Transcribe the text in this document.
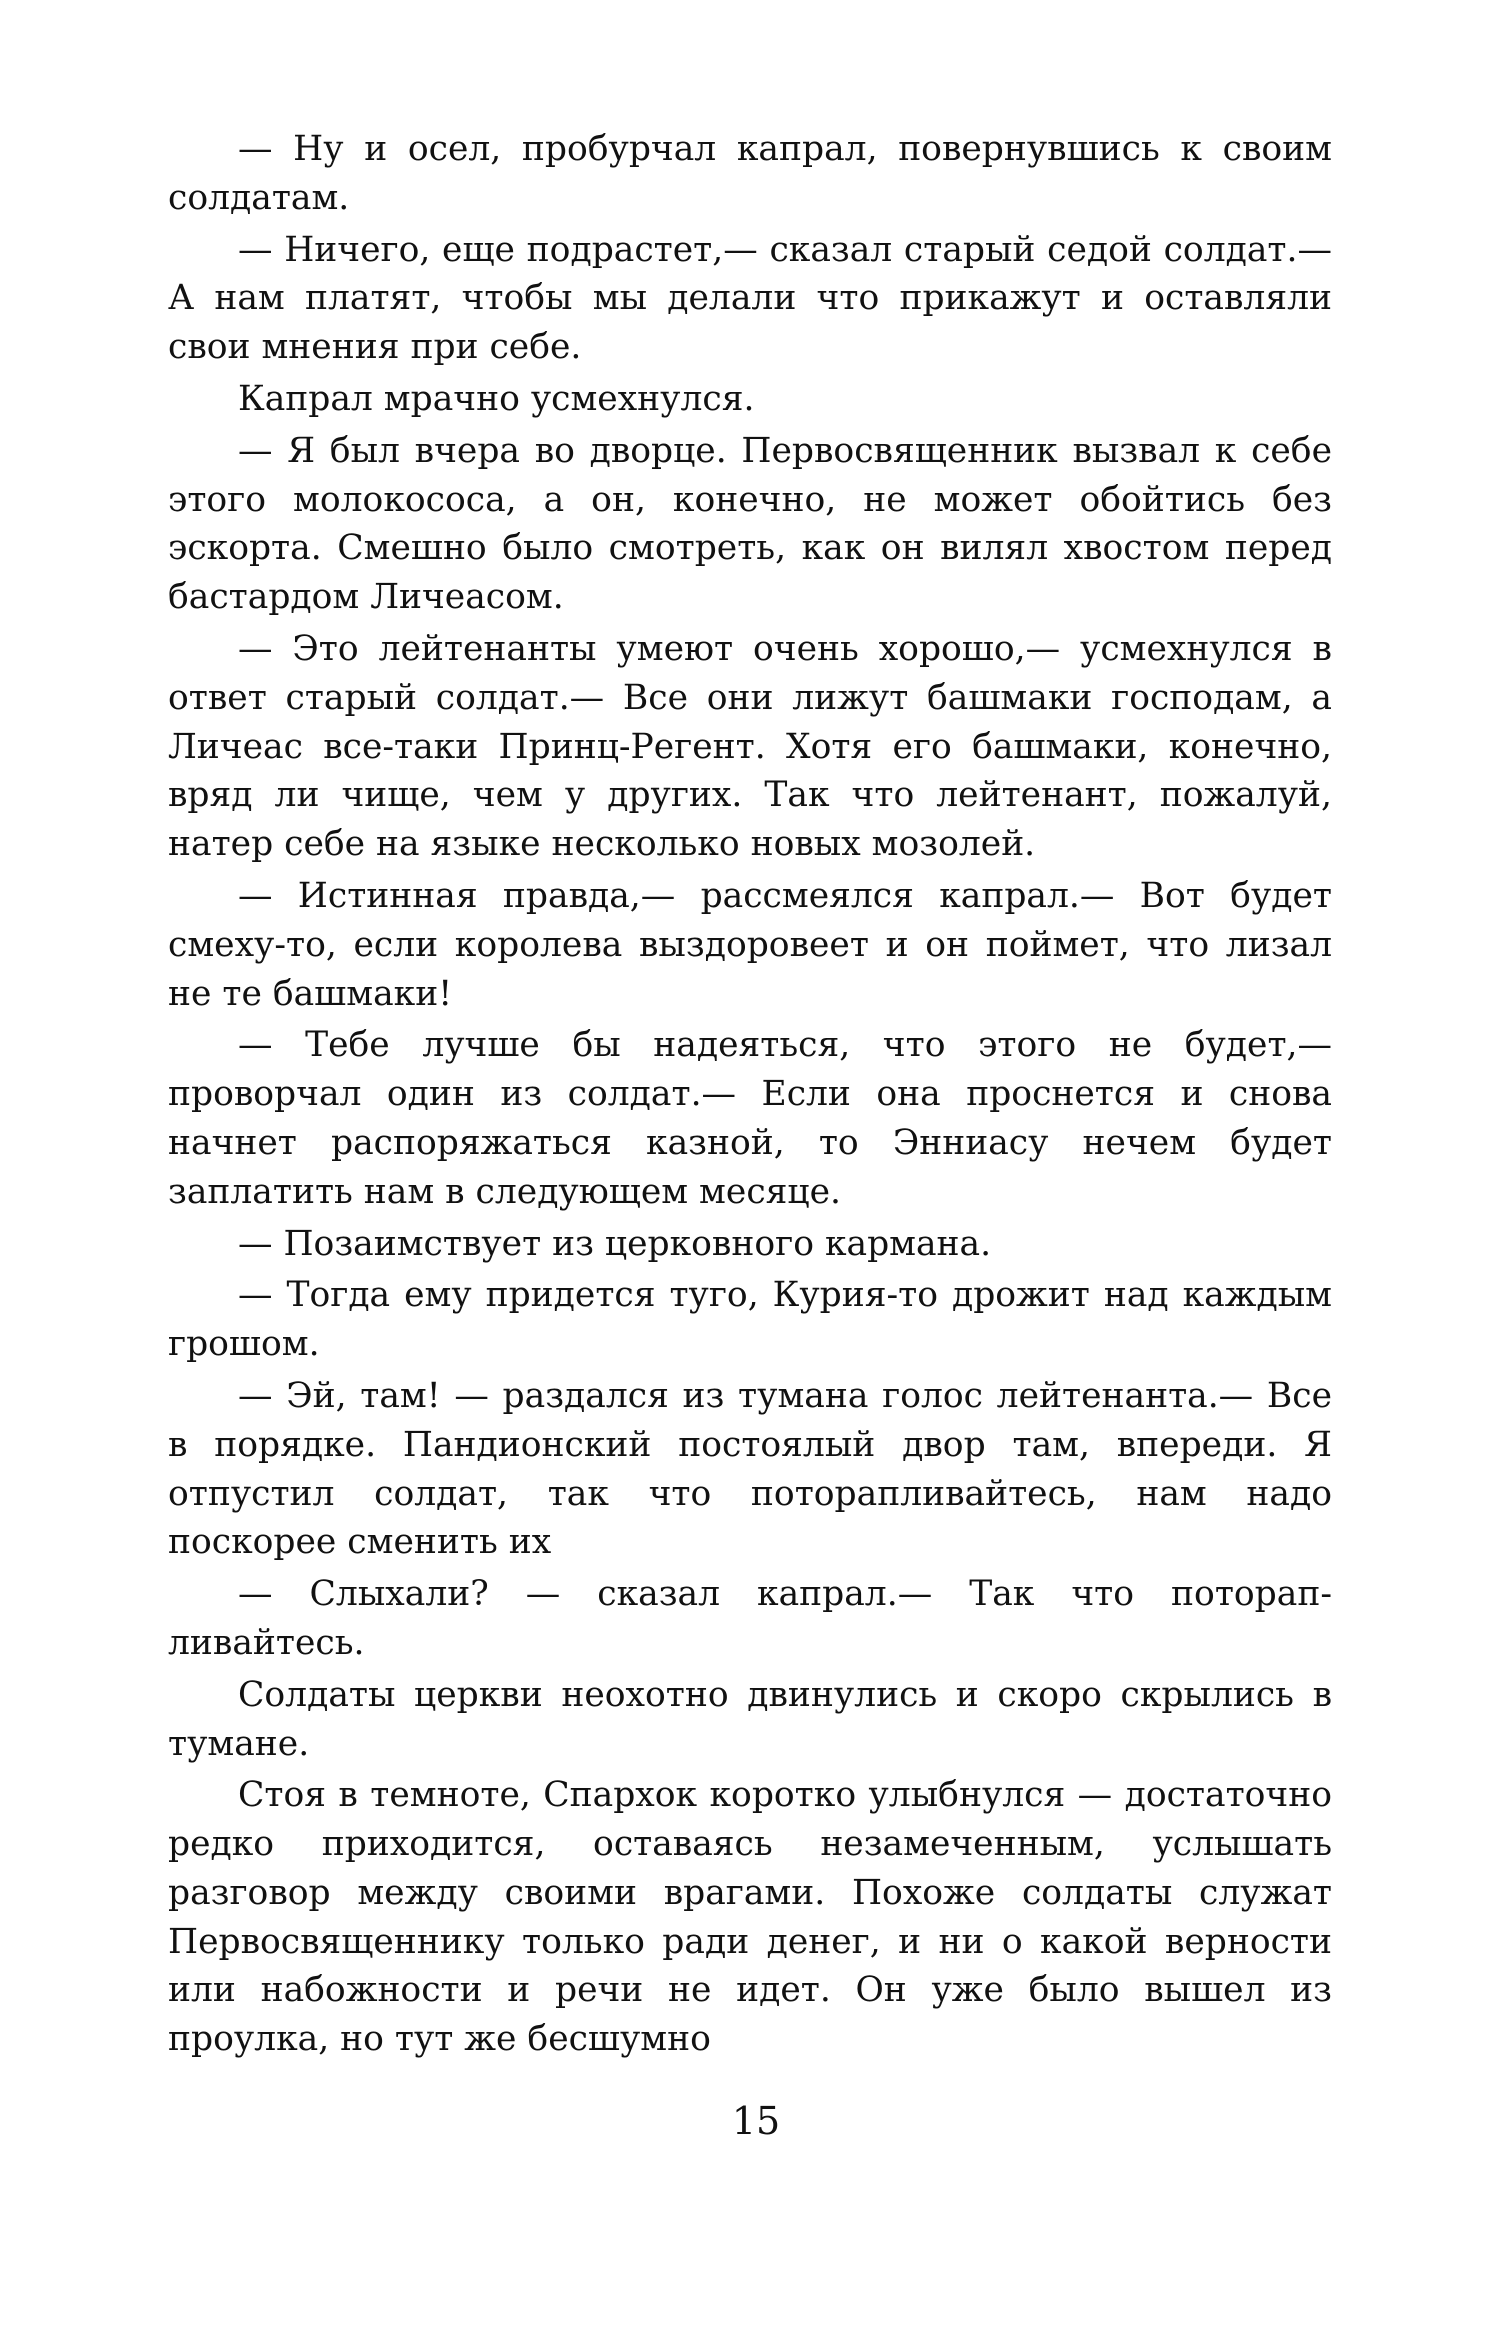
— Ну и осел, пробурчал капрал, повернувшись к своим солдатам.

— Ничего, еще подрастет,— сказал старый седой солдат.— А нам платят, чтобы мы делали что прикажут и оставляли свои мнения при себе.

Капрал мрачно усмехнулся.

— Я был вчера во дворце. Первосвященник вызвал к себе этого молокососа, а он, конечно, не может обойтись без эскорта. Смешно было смотреть, как он вилял хвостом перед бастардом Личеасом.

— Это лейтенанты умеют очень хорошо,— усмехнулся в ответ старый солдат.— Все они лижут башмаки господам, а Личеас все-таки Принц-Регент. Хотя его башмаки, конечно, вряд ли чище, чем у других. Так что лейтенант, пожалуй, натер себе на языке несколько новых мозолей.

— Истинная правда,— рассмеялся капрал.— Вот будет смеху-то, если королева выздоровеет и он поймет, что лизал не те башмаки!

— Тебе лучше бы надеяться, что этого не будет,— проворчал один из солдат.— Если она проснется и снова начнет распоряжаться казной, то Энниасу нечем будет заплатить нам в следующем месяце.

— Позаимствует из церковного кармана.

— Тогда ему придется туго, Курия-то дрожит над каждым грошом.

— Эй, там! — раздался из тумана голос лейтенанта.— Все в порядке. Пандионский постоялый двор там, впереди. Я отпустил солдат, так что поторапливайтесь, нам надо поскорее сменить их

— Слыхали? — сказал капрал.— Так что поторапливайтесь.

Солдаты церкви неохотно двинулись и скоро скрылись в тумане.

Стоя в темноте, Спархок коротко улыбнулся — достаточно редко приходится, оставаясь незамеченным, услышать разговор между своими врагами. Похоже солдаты служат Первосвященнику только ради денег, и ни о какой верности или набожности и речи не идет. Он уже было вышел из проулка, но тут же бесшумно

15
